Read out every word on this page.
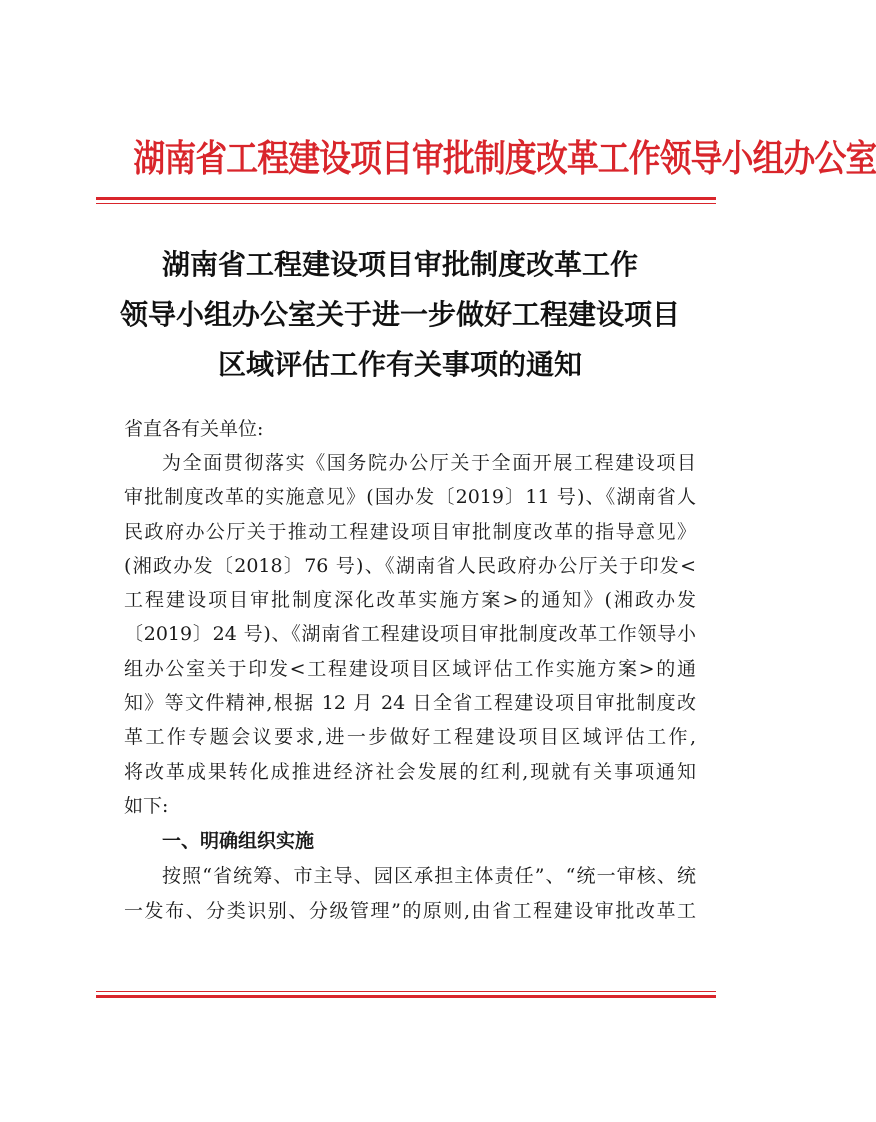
湖南省工程建设项目审批制度改革工作领导小组办公室
湖南省工程建设项目审批制度改革工作
领导小组办公室关于进一步做好工程建设项目
区域评估工作有关事项的通知
省直各有关单位:
为全面贯彻落实《国务院办公厅关于全面开展工程建设项目
审批制度改革的实施意见》(国办发〔2019〕11 号)、《湖南省人
民政府办公厅关于推动工程建设项目审批制度改革的指导意见》
(湘政办发〔2018〕76 号)、《湖南省人民政府办公厅关于印发<
工程建设项目审批制度深化改革实施方案>的通知》(湘政办发
〔2019〕24 号)、《湖南省工程建设项目审批制度改革工作领导小
组办公室关于印发<工程建设项目区域评估工作实施方案>的通
知》等文件精神,根据 12 月 24 日全省工程建设项目审批制度改
革工作专题会议要求,进一步做好工程建设项目区域评估工作,
将改革成果转化成推进经济社会发展的红利,现就有关事项通知
如下:
一、明确组织实施
按照“省统筹、市主导、园区承担主体责任”、“统一审核、统
一发布、分类识别、分级管理”的原则,由省工程建设审批改革工
